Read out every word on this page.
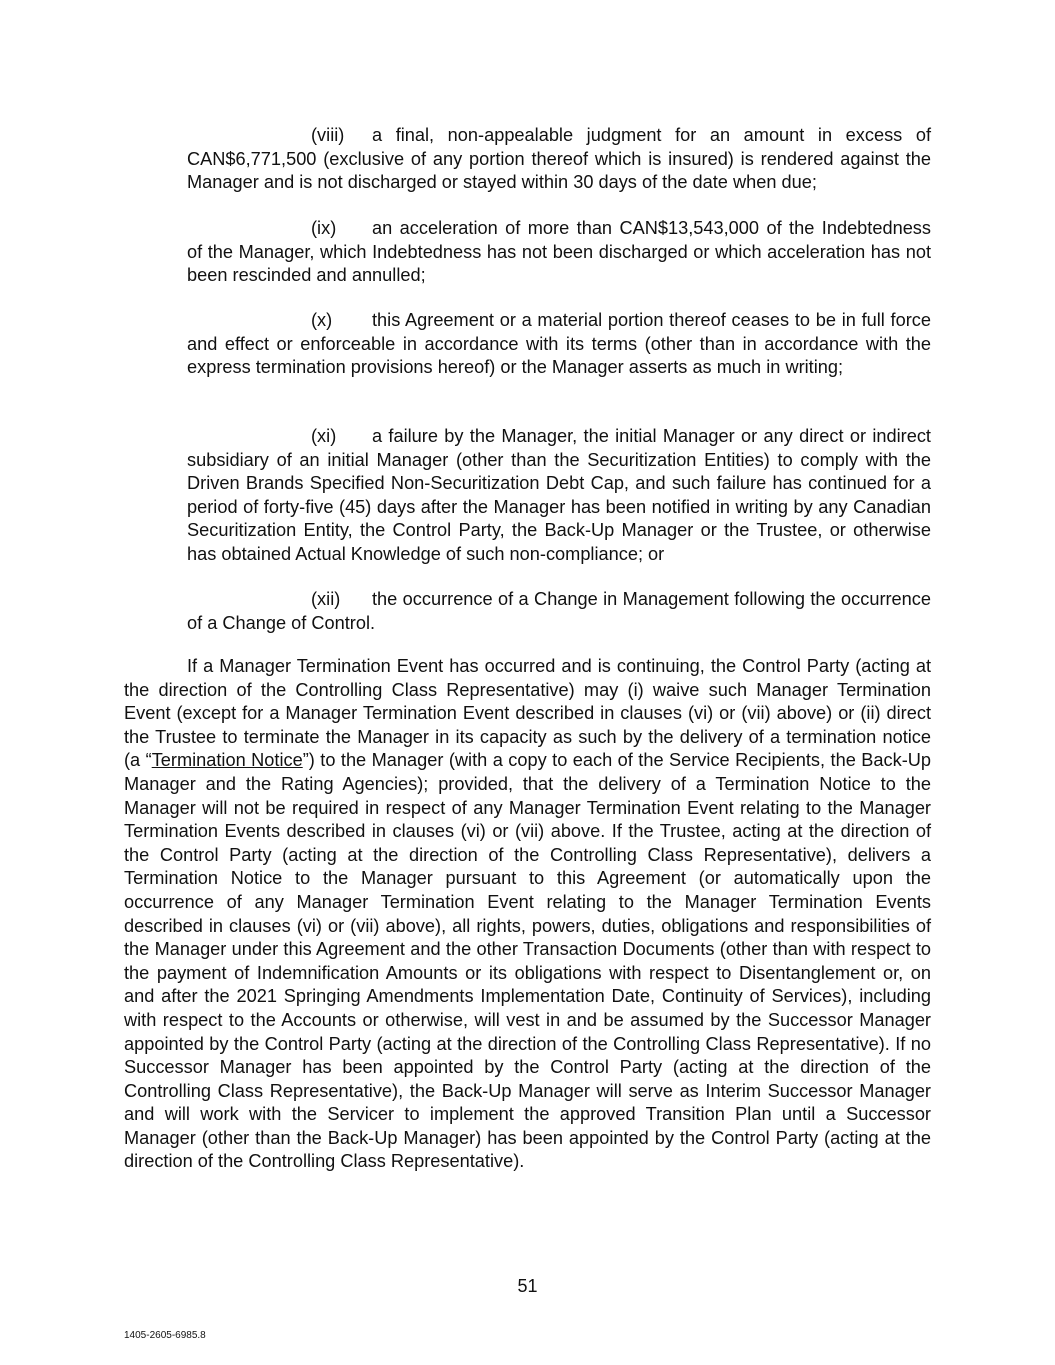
(viii) a final, non-appealable judgment for an amount in excess of CAN$6,771,500 (exclusive of any portion thereof which is insured) is rendered against the Manager and is not discharged or stayed within 30 days of the date when due;

(ix) an acceleration of more than CAN$13,543,000 of the Indebtedness of the Manager, which Indebtedness has not been discharged or which acceleration has not been rescinded and annulled;

(x) this Agreement or a material portion thereof ceases to be in full force and effect or enforceable in accordance with its terms (other than in accordance with the express termination provisions hereof) or the Manager asserts as much in writing;

(xi) a failure by the Manager, the initial Manager or any direct or indirect subsidiary of an initial Manager (other than the Securitization Entities) to comply with the Driven Brands Specified Non-Securitization Debt Cap, and such failure has continued for a period of forty-five (45) days after the Manager has been notified in writing by any Canadian Securitization Entity, the Control Party, the Back-Up Manager or the Trustee, or otherwise has obtained Actual Knowledge of such non-compliance; or

(xii) the occurrence of a Change in Management following the occurrence of a Change of Control.

If a Manager Termination Event has occurred and is continuing, the Control Party (acting at the direction of the Controlling Class Representative) may (i) waive such Manager Termination Event (except for a Manager Termination Event described in clauses (vi) or (vii) above) or (ii) direct the Trustee to terminate the Manager in its capacity as such by the delivery of a termination notice (a “Termination Notice”) to the Manager (with a copy to each of the Service Recipients, the Back-Up Manager and the Rating Agencies); provided, that the delivery of a Termination Notice to the Manager will not be required in respect of any Manager Termination Event relating to the Manager Termination Events described in clauses (vi) or (vii) above. If the Trustee, acting at the direction of the Control Party (acting at the direction of the Controlling Class Representative), delivers a Termination Notice to the Manager pursuant to this Agreement (or automatically upon the occurrence of any Manager Termination Event relating to the Manager Termination Events described in clauses (vi) or (vii) above), all rights, powers, duties, obligations and responsibilities of the Manager under this Agreement and the other Transaction Documents (other than with respect to the payment of Indemnification Amounts or its obligations with respect to Disentanglement or, on and after the 2021 Springing Amendments Implementation Date, Continuity of Services), including with respect to the Accounts or otherwise, will vest in and be assumed by the Successor Manager appointed by the Control Party (acting at the direction of the Controlling Class Representative). If no Successor Manager has been appointed by the Control Party (acting at the direction of the Controlling Class Representative), the Back-Up Manager will serve as Interim Successor Manager and will work with the Servicer to implement the approved Transition Plan until a Successor Manager (other than the Back-Up Manager) has been appointed by the Control Party (acting at the direction of the Controlling Class Representative).

51
1405-2605-6985.8
